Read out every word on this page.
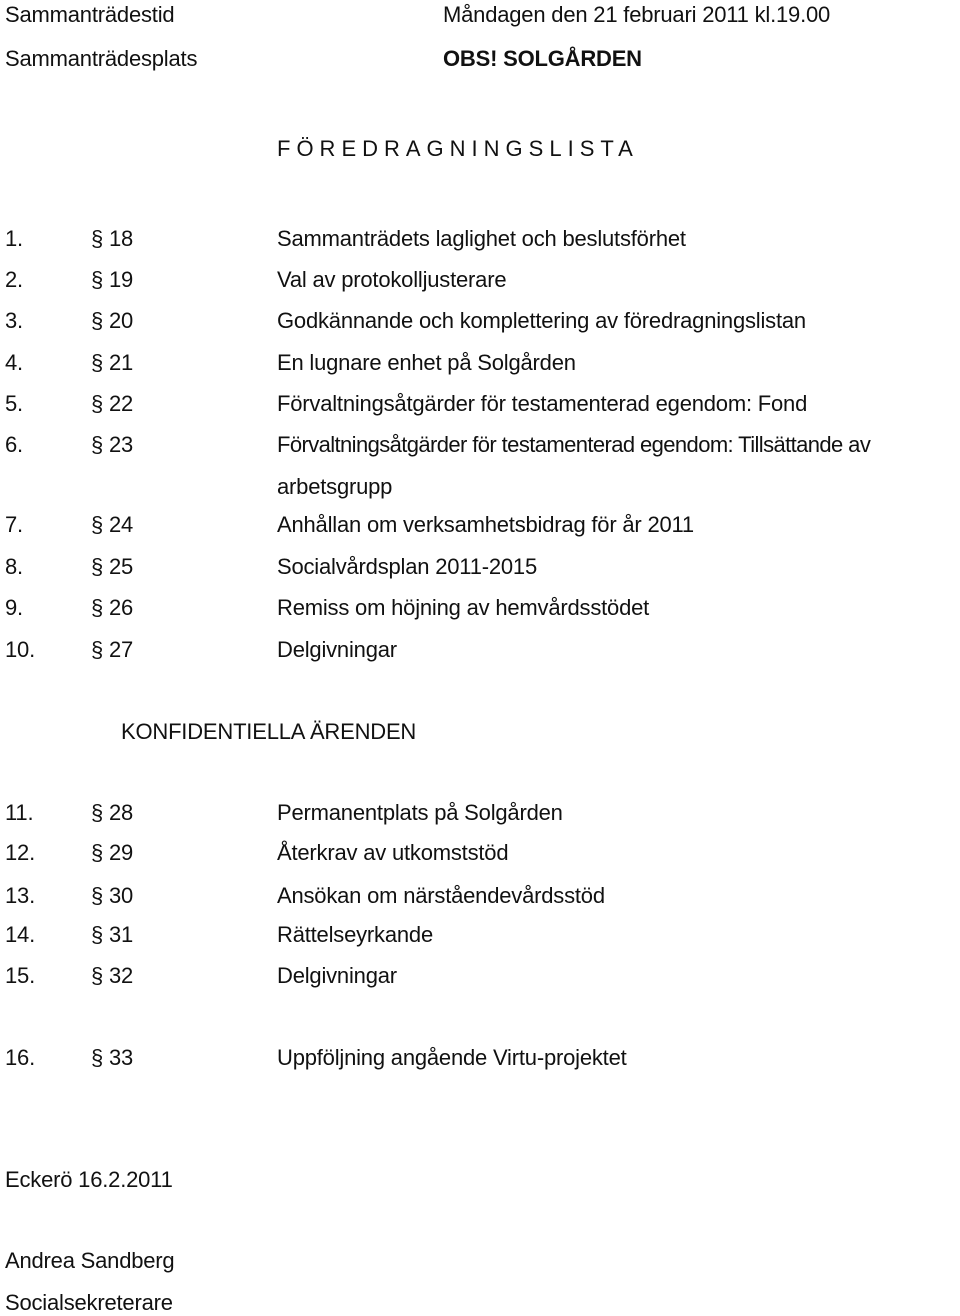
Sammanträdestid	Måndagen den 21 februari 2011 kl.19.00
Sammanträdesplats	OBS! SOLGÅRDEN
FÖREDRAGNINGSLISTA
1.	§ 18	Sammanträdets laglighet och beslutsförhet
2.	§ 19	Val av protokolljusterare
3.	§ 20	Godkännande och komplettering av föredragningslistan
4.	§ 21	En lugnare enhet på Solgården
5.	§ 22	Förvaltningsåtgärder för testamenterad egendom: Fond
6.	§ 23	Förvaltningsåtgärder för testamenterad egendom: Tillsättande av
arbetsgrupp
7.	§ 24	Anhållan om verksamhetsbidrag för år 2011
8.	§ 25	Socialvårdsplan 2011-2015
9.	§ 26	Remiss om höjning av hemvårdsstödet
10.	§ 27	Delgivningar
KONFIDENTIELLA ÄRENDEN
11.	§ 28	Permanentplats på Solgården
12.	§ 29	Återkrav av utkomststöd
13.	§ 30	Ansökan om närståendevårdsstöd
14.	§ 31	Rättelseyrkande
15.	§ 32	Delgivningar
16.	§ 33	Uppföljning angående Virtu-projektet
Eckerö 16.2.2011
Andrea Sandberg
Socialsekreterare
